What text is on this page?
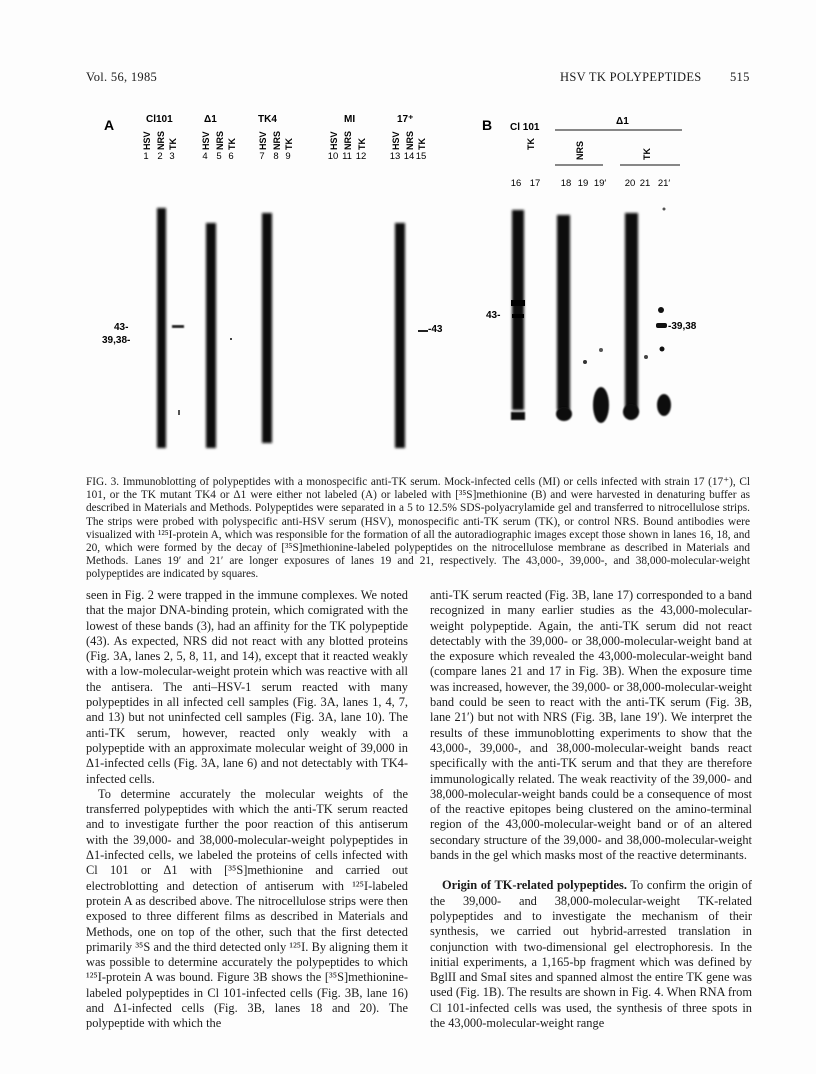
Vol. 56, 1985	HSV TK POLYPEPTIDES 515
A	Cl101	Δ1	TK4	MI	17⁺
HSV NRS TK	HSV NRS TK HSV NRS TK	HSV NRS TK	HSV NRS TK
1 2 3	4 5 6	7 8 9	10 11 12 13 14 15
43-
39,38-
-43
B Cl 101
Δ1
TK	NRS	TK
16 17 18 19 19′ 20 21 21′
43-
-39,38
FIG. 3. Immunoblotting of polypeptides with a monospecific anti-TK serum. Mock-infected cells (MI) or cells infected with strain 17 (17⁺), Cl 101, or the TK mutant TK4 or Δ1 were either not labeled (A) or labeled with [³⁵S]methionine (B) and were harvested in denaturing buffer as described in Materials and Methods. Polypeptides were separated in a 5 to 12.5% SDS-polyacrylamide gel and transferred to nitrocellulose strips. The strips were probed with polyspecific anti-HSV serum (HSV), monospecific anti-TK serum (TK), or control NRS. Bound antibodies were visualized with ¹²⁵I-protein A, which was responsible for the formation of all the autoradiographic images except those shown in lanes 16, 18, and 20, which were formed by the decay of [³⁵S]methionine-labeled polypeptides on the nitrocellulose membrane as described in Materials and Methods. Lanes 19′ and 21′ are longer exposures of lanes 19 and 21, respectively. The 43,000-, 39,000-, and 38,000-molecular-weight polypeptides are indicated by squares.

seen in Fig. 2 were trapped in the immune complexes. We noted that the major DNA-binding protein, which comigrated with the lowest of these bands (3), had an affinity for the TK polypeptide (43). As expected, NRS did not react with any blotted proteins (Fig. 3A, lanes 2, 5, 8, 11, and 14), except that it reacted weakly with a low-molecular-weight protein which was reactive with all the antisera. The anti–HSV-1 serum reacted with many polypeptides in all infected cell samples (Fig. 3A, lanes 1, 4, 7, and 13) but not uninfected cell samples (Fig. 3A, lane 10). The anti-TK serum, however, reacted only weakly with a polypeptide with an approximate molecular weight of 39,000 in Δ1-infected cells (Fig. 3A, lane 6) and not detectably with TK4-infected cells.

To determine accurately the molecular weights of the transferred polypeptides with which the anti-TK serum reacted and to investigate further the poor reaction of this antiserum with the 39,000- and 38,000-molecular-weight polypeptides in Δ1-infected cells, we labeled the proteins of cells infected with Cl 101 or Δ1 with [³⁵S]methionine and carried out electroblotting and detection of antiserum with ¹²⁵I-labeled protein A as described above. The nitrocellulose strips were then exposed to three different films as described in Materials and Methods, one on top of the other, such that the first detected primarily ³⁵S and the third detected only ¹²⁵I. By aligning them it was possible to determine accurately the polypeptides to which ¹²⁵I-protein A was bound. Figure 3B shows the [³⁵S]methionine-labeled polypeptides in Cl 101-infected cells (Fig. 3B, lane 16) and Δ1-infected cells (Fig. 3B, lanes 18 and 20). The polypeptide with which the

anti-TK serum reacted (Fig. 3B, lane 17) corresponded to a band recognized in many earlier studies as the 43,000-molecular-weight polypeptide. Again, the anti-TK serum did not react detectably with the 39,000- or 38,000-molecular-weight band at the exposure which revealed the 43,000-molecular-weight band (compare lanes 21 and 17 in Fig. 3B). When the exposure time was increased, however, the 39,000- or 38,000-molecular-weight band could be seen to react with the anti-TK serum (Fig. 3B, lane 21′) but not with NRS (Fig. 3B, lane 19′). We interpret the results of these immunoblotting experiments to show that the 43,000-, 39,000-, and 38,000-molecular-weight bands react specifically with the anti-TK serum and that they are therefore immunologically related. The weak reactivity of the 39,000- and 38,000-molecular-weight bands could be a consequence of most of the reactive epitopes being clustered on the amino-terminal region of the 43,000-molecular-weight band or of an altered secondary structure of the 39,000- and 38,000-molecular-weight bands in the gel which masks most of the reactive determinants.

Origin of TK-related polypeptides. To confirm the origin of the 39,000- and 38,000-molecular-weight TK-related polypeptides and to investigate the mechanism of their synthesis, we carried out hybrid-arrested translation in conjunction with two-dimensional gel electrophoresis. In the initial experiments, a 1,165-bp fragment which was defined by BglII and SmaI sites and spanned almost the entire TK gene was used (Fig. 1B). The results are shown in Fig. 4. When RNA from Cl 101-infected cells was used, the synthesis of three spots in the 43,000-molecular-weight range
